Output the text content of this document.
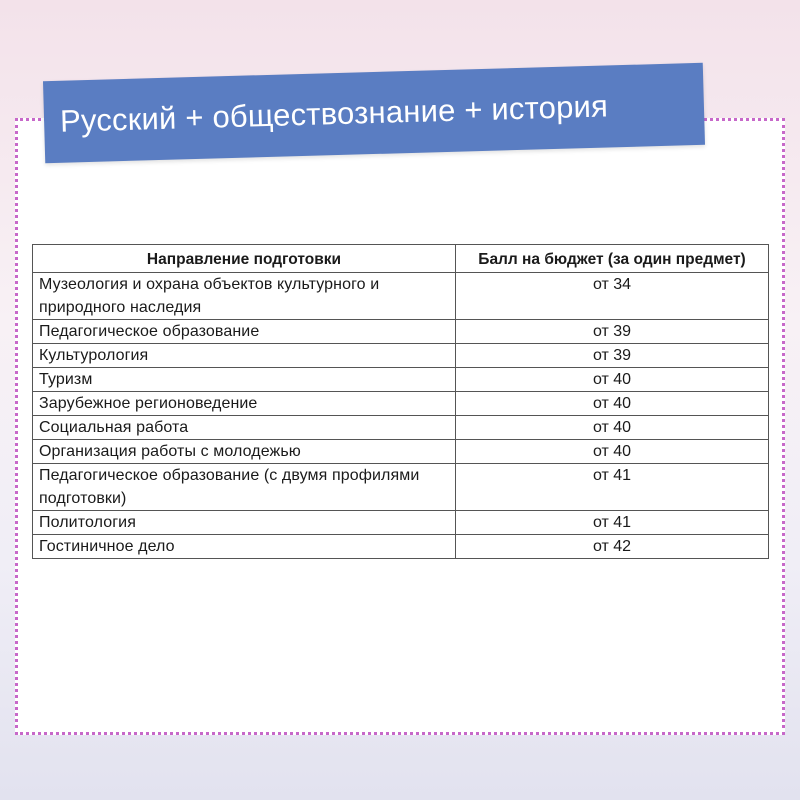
Русский + обществознание + история
Направление подготовки	Балл на бюджет (за один предмет)
Музеология и охрана объектов культурного и природного наследия	от 34
Педагогическое образование	от 39
Культурология	от 39
Туризм	от 40
Зарубежное регионоведение	от 40
Социальная работа	от 40
Организация работы с молодежью	от 40
Педагогическое образование (с двумя профилями подготовки)	от 41
Политология	от 41
Гостиничное дело	от 42
